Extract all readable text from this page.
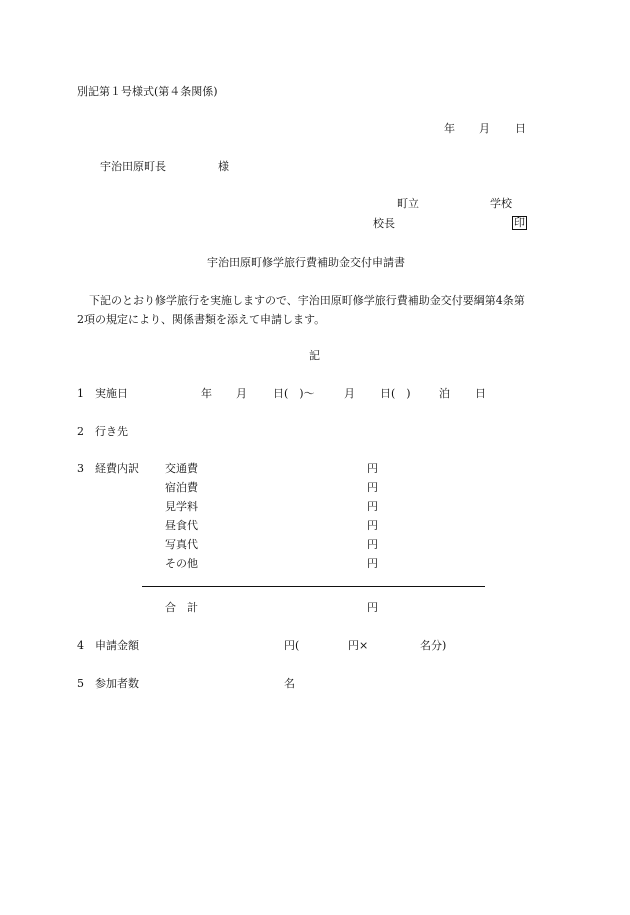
別記第１号様式(第４条関係)
年 月 日
宇治田原町長	様
町立	学校
校長	印
宇治田原町修学旅行費補助金交付申請書
下記のとおり修学旅行を実施しますので、宇治田原町修学旅行費補助金交付要綱第4条第
2項の規定により、関係書類を添えて申請します。
記
1 実施日	年 月 日(　)～	月 日(　)	泊 日
2 行き先
3 経費内訳 交通費	円
宿泊費	円
見学料	円
昼食代	円
写真代	円
その他	円
合　計	円
4 申請金額	円(	円×	名分)
5 参加者数	名
